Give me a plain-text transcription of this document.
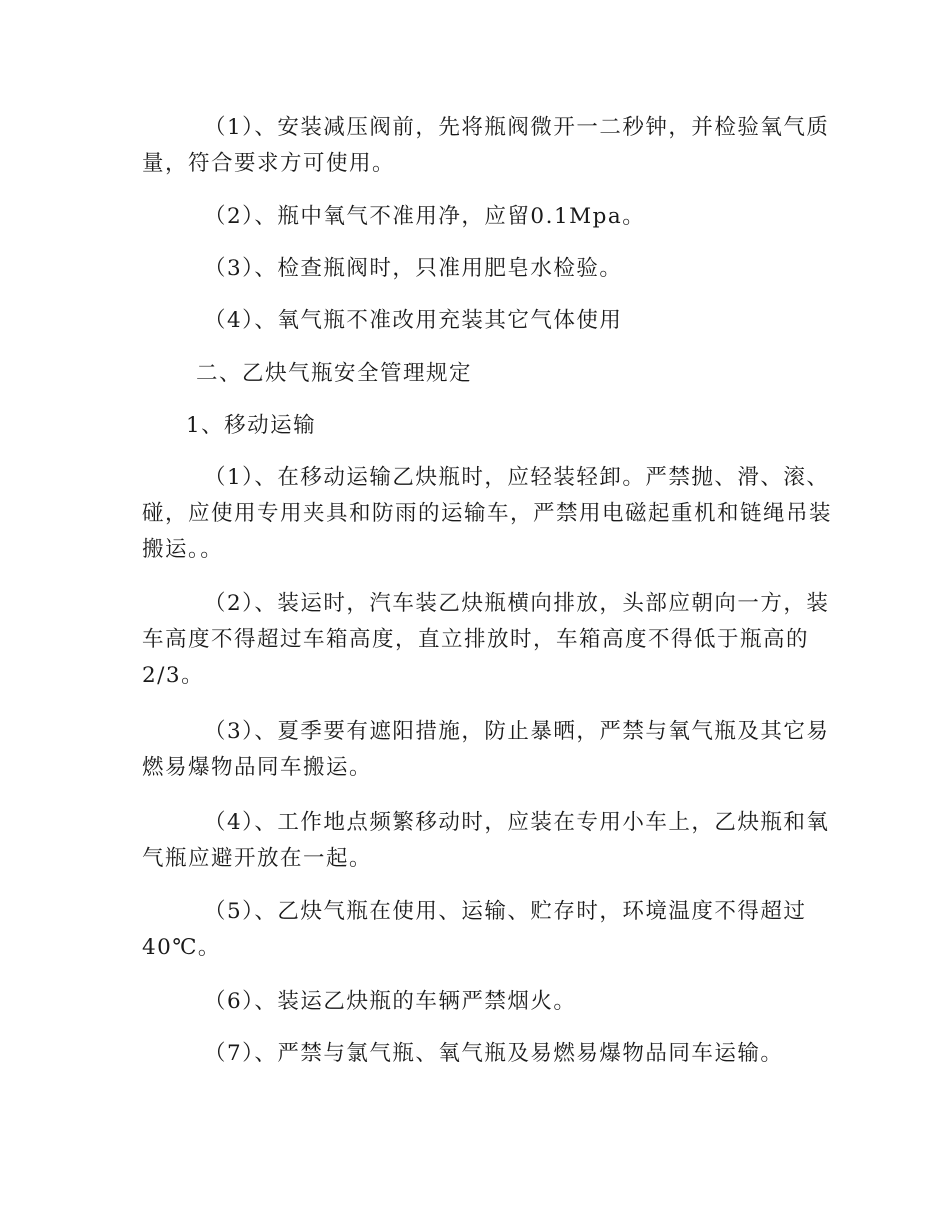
（1）、安装减压阀前，先将瓶阀微开一二秒钟，并检验氧气质
量，符合要求方可使用。

（2）、瓶中氧气不准用净，应留0.1Mpa。

（3）、检查瓶阀时，只准用肥皂水检验。

（4）、氧气瓶不准改用充装其它气体使用

二、乙炔气瓶安全管理规定

1、移动运输

（1）、在移动运输乙炔瓶时，应轻装轻卸。严禁抛、滑、滚、
碰，应使用专用夹具和防雨的运输车，严禁用电磁起重机和链绳吊装
搬运。。

（2）、装运时，汽车装乙炔瓶横向排放，头部应朝向一方，装
车高度不得超过车箱高度，直立排放时，车箱高度不得低于瓶高的
2/3。

（3）、夏季要有遮阳措施，防止暴晒，严禁与氧气瓶及其它易
燃易爆物品同车搬运。

（4）、工作地点频繁移动时，应装在专用小车上，乙炔瓶和氧
气瓶应避开放在一起。

（5）、乙炔气瓶在使用、运输、贮存时，环境温度不得超过
40℃。

（6）、装运乙炔瓶的车辆严禁烟火。

（7）、严禁与氯气瓶、氧气瓶及易燃易爆物品同车运输。
